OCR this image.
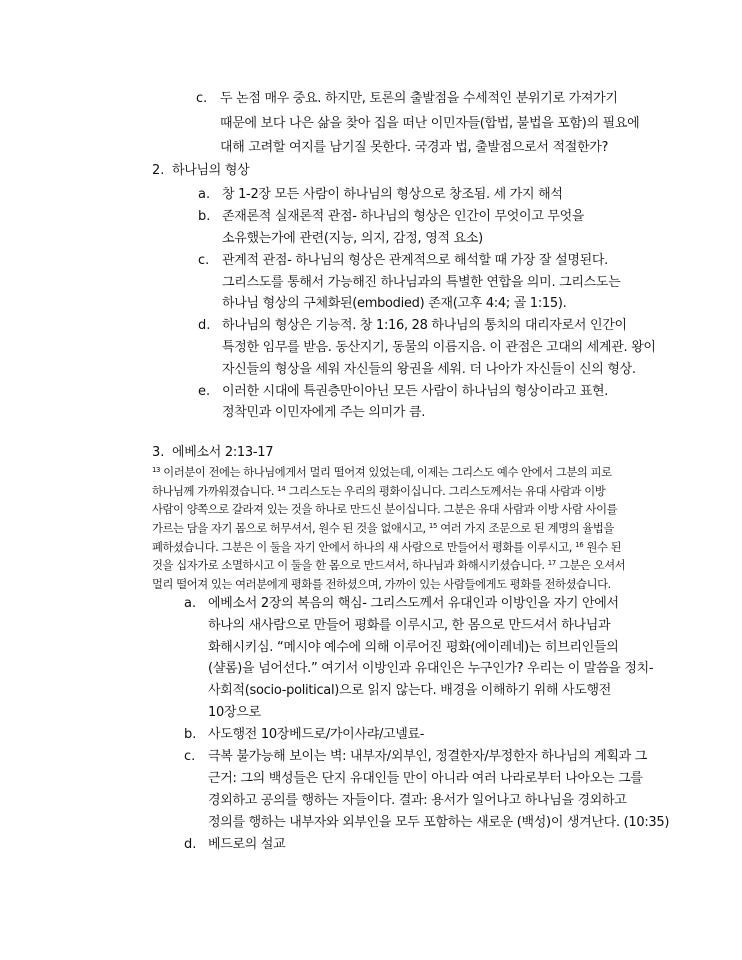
c. 두 논점 매우 중요. 하지만, 토론의 출발점을 수세적인 분위기로 가져가기
때문에 보다 나은 삶을 찾아 집을 떠난 이민자들(합법, 불법을 포함)의 필요에
대해 고려할 여지를 남기질 못한다. 국경과 법, 출발점으로서 적절한가?
2. 하나님의 형상
a. 창 1-2장 모든 사람이 하나님의 형상으로 창조됨. 세 가지 해석
b. 존재론적 실재론적 관점- 하나님의 형상은 인간이 무엇이고 무엇을
소유했는가에 관련(지능, 의지, 감정, 영적 요소)
c. 관계적 관점- 하나님의 형상은 관계적으로 해석할 때 가장 잘 설명된다.
그리스도를 통해서 가능해진 하나님과의 특별한 연합을 의미. 그리스도는
하나님 형상의 구체화된(embodied) 존재(고후 4:4; 골 1:15).
d. 하나님의 형상은 기능적. 창 1:16, 28 하나님의 통치의 대리자로서 인간이
특정한 임무를 받음. 동산지기, 동물의 이름지음. 이 관점은 고대의 세계관. 왕이
자신들의 형상을 세워 자신들의 왕권을 세워. 더 나아가 자신들이 신의 형상.
e. 이러한 시대에 특권층만이아닌 모든 사람이 하나님의 형상이라고 표현.
정착민과 이민자에게 주는 의미가 큼.
3. 에베소서 2:13-17
$^{13}$ 이러분이 전에는 하나님에게서 멀리 떨어져 있었는데, 이제는 그리스도 예수 안에서 그분의 피로
하나님께 가까워졌습니다. $^{14}$ 그리스도는 우리의 평화이십니다. 그리스도께서는 유대 사람과 이방
사람이 양쪽으로 갈라져 있는 것을 하나로 만드신 분이십니다. 그분은 유대 사람과 이방 사람 사이를
가르는 담을 자기 몸으로 허무셔서, 원수 된 것을 없애시고, $^{15}$ 여러 가지 조문으로 된 계명의 율법을
폐하셨습니다. 그분은 이 둘을 자기 안에서 하나의 새 사람으로 만들어서 평화를 이루시고, $^{16}$ 원수 된
것을 십자가로 소멸하시고 이 둘을 한 몸으로 만드셔서, 하나님과 화해시키셨습니다. $^{17}$ 그분은 오셔서
멀리 떨어져 있는 여러분에게 평화를 전하셨으며, 가까이 있는 사람들에게도 평화를 전하셨습니다.
a. 에베소서 2장의 복음의 핵심- 그리스도께서 유대인과 이방인을 자기 안에서
하나의 새사람으로 만들어 평화를 이루시고, 한 몸으로 만드셔서 하나님과
화해시키심. “메시야 예수에 의해 이루어진 평화(에이레네)는 히브리인들의
(샬롬)을 넘어선다.” 여기서 이방인과 유대인은 누구인가? 우리는 이 말씀을 정치-
사회적(socio-political)으로 읽지 않는다. 배경을 이해하기 위해 사도행전
10장으로
b. 사도행전 10장베드로/가이사랴/고넬료-
c. 극복 불가능해 보이는 벽: 내부자/외부인, 정결한자/부정한자 하나님의 계획과 그
근거: 그의 백성들은 단지 유대인들 만이 아니라 여러 나라로부터 나아오는 그를
경외하고 공의를 행하는 자들이다. 결과: 용서가 일어나고 하나님을 경외하고
정의를 행하는 내부자와 외부인을 모두 포함하는 새로운 (백성)이 생겨난다. (10:35)
d. 베드로의 설교
